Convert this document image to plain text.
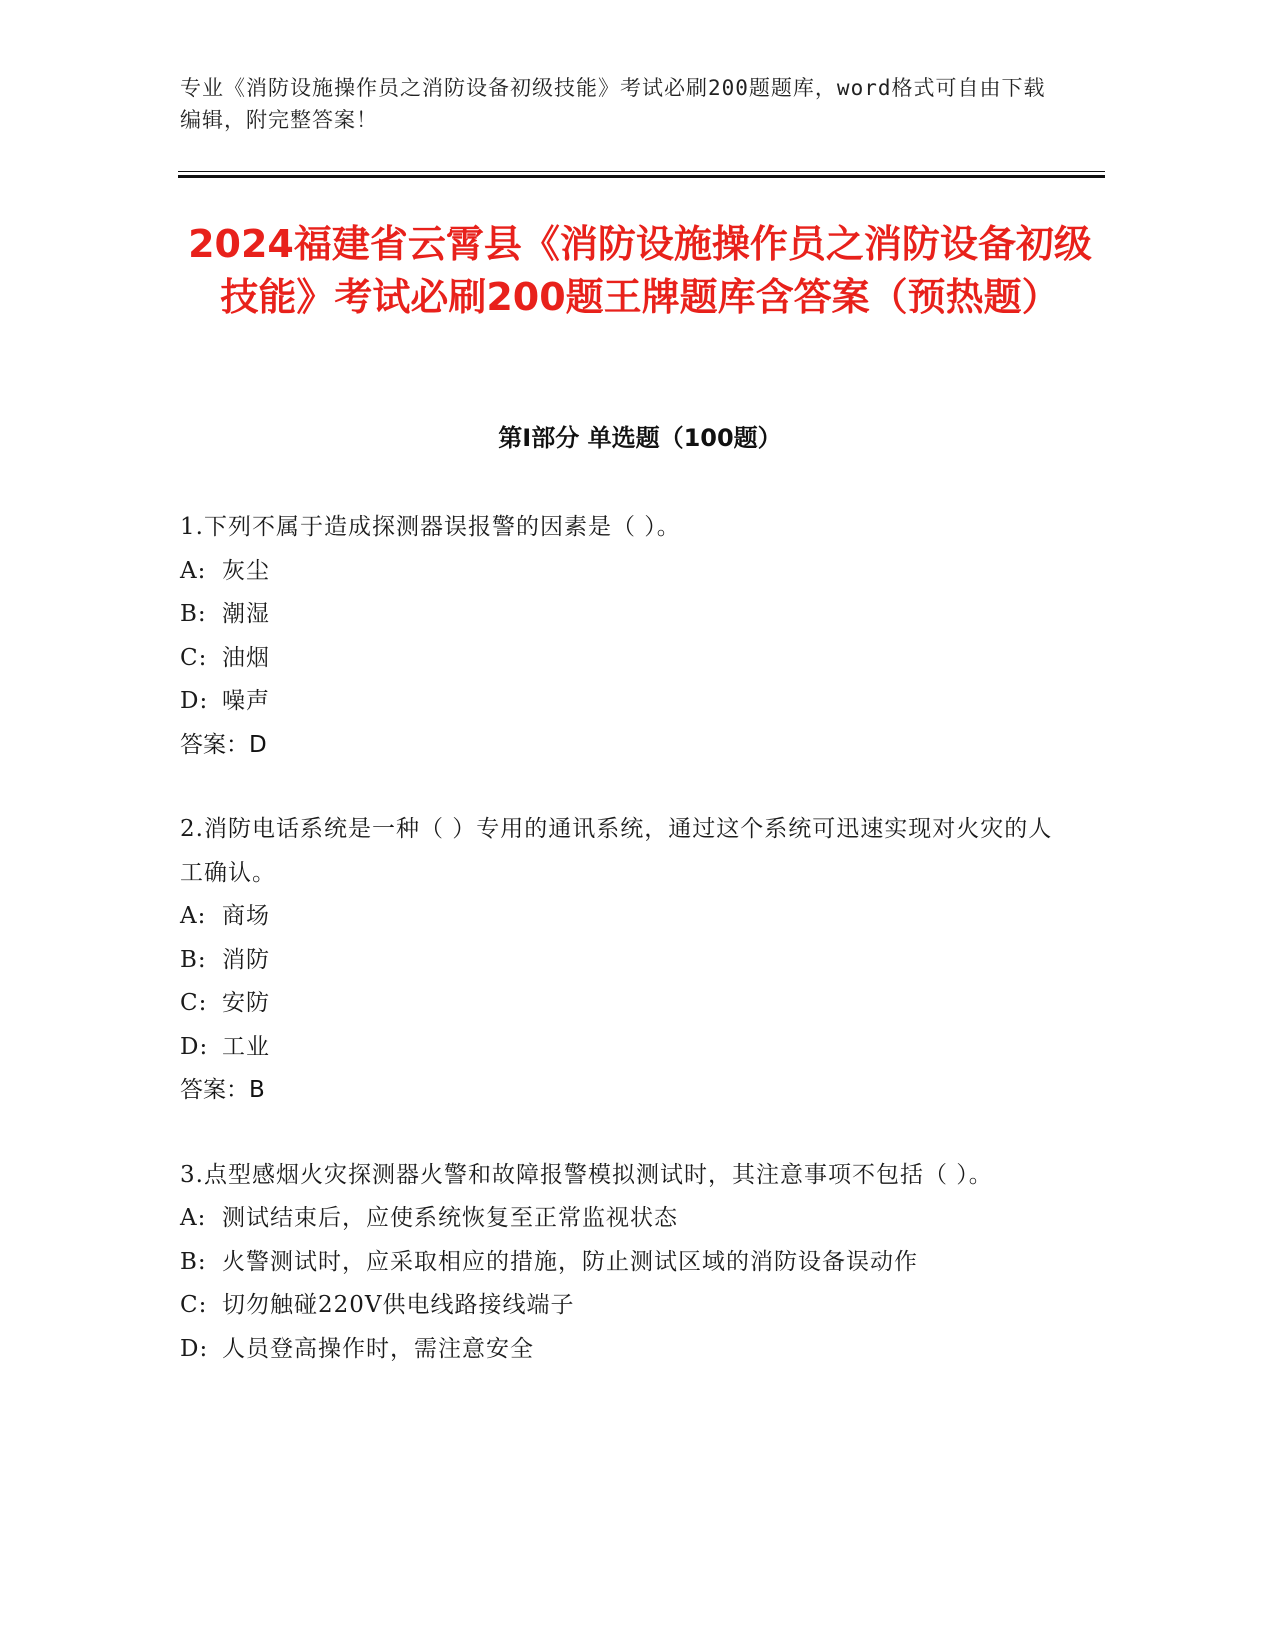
专业《消防设施操作员之消防设备初级技能》考试必刷200题题库，word格式可自由下载编辑，附完整答案！
2024福建省云霄县《消防设施操作员之消防设备初级技能》考试必刷200题王牌题库含答案（预热题）
第Ⅰ部分 单选题（100题）

1.下列不属于造成探测器误报警的因素是（ ）。

A: 灰尘

B: 潮湿

C: 油烟

D: 噪声

答案：D

2.消防电话系统是一种（ ）专用的通讯系统，通过这个系统可迅速实现对火灾的人工确认。

A: 商场

B: 消防

C: 安防

D: 工业

答案：B

3.点型感烟火灾探测器火警和故障报警模拟测试时，其注意事项不包括（ ）。

A: 测试结束后，应使系统恢复至正常监视状态

B: 火警测试时，应采取相应的措施，防止测试区域的消防设备误动作

C: 切勿触碰220V供电线路接线端子

D: 人员登高操作时，需注意安全
